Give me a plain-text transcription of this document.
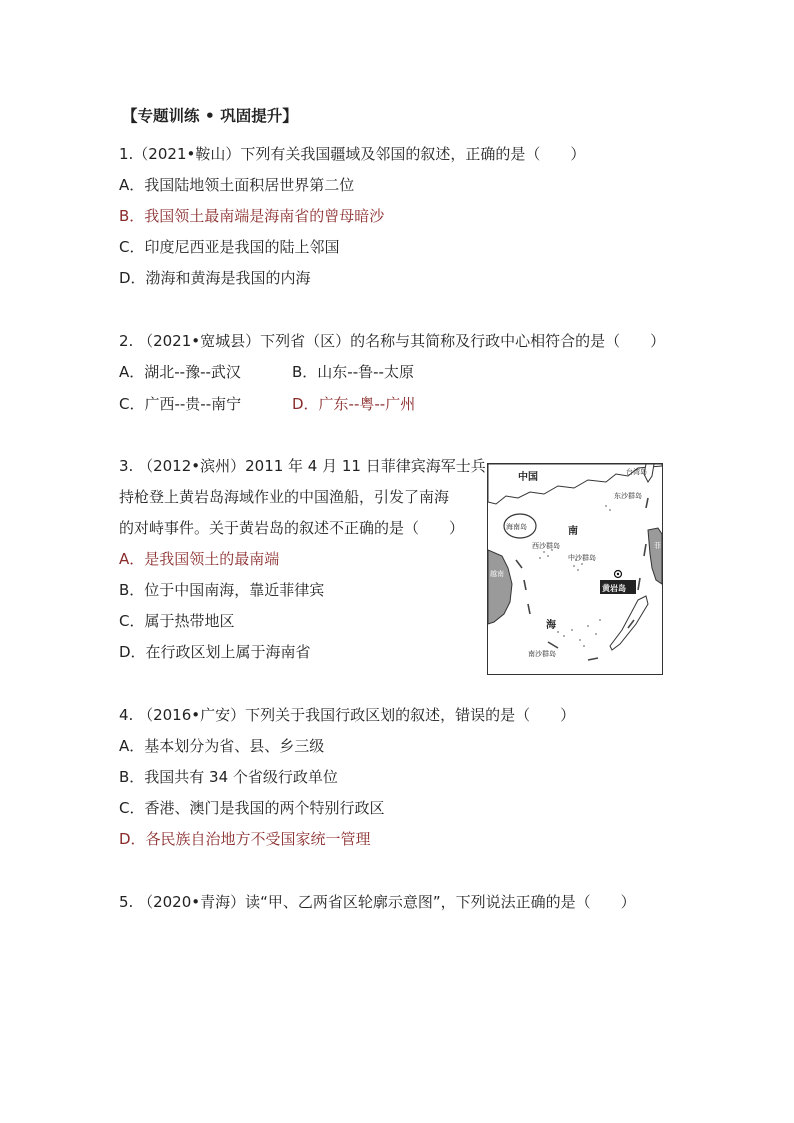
【专题训练 • 巩固提升】
1.（2021•鞍山）下列有关我国疆域及邻国的叙述，正确的是（　　）
A．我国陆地领土面积居世界第二位
B．我国领土最南端是海南省的曾母暗沙
C．印度尼西亚是我国的陆上邻国
D．渤海和黄海是我国的内海
2. （2021•宽城县）下列省（区）的名称与其简称及行政中心相符合的是（　　）
A．湖北--豫--武汉	B．山东--鲁--太原
C．广西--贵--南宁	D．广东--粤--广州
3. （2012•滨州）2011 年 4 月 11 日菲律宾海军士兵
持枪登上黄岩岛海域作业的中国渔船，引发了南海
的对峙事件。关于黄岩岛的叙述不正确的是（　　）
A．是我国领土的最南端
B．位于中国南海，靠近菲律宾
C．属于热带地区
D．在行政区划上属于海南省
中国	台湾岛
东沙群岛
海南岛	南
西沙群岛
中沙群岛
黄岩岛
越南
海
南沙群岛
菲
4. （2016•广安）下列关于我国行政区划的叙述，错误的是（　　）
A．基本划分为省、县、乡三级
B．我国共有 34 个省级行政单位
C．香港、澳门是我国的两个特别行政区
D．各民族自治地方不受国家统一管理
5. （2020•青海）读“甲、乙两省区轮廓示意图”，下列说法正确的是（　　）
